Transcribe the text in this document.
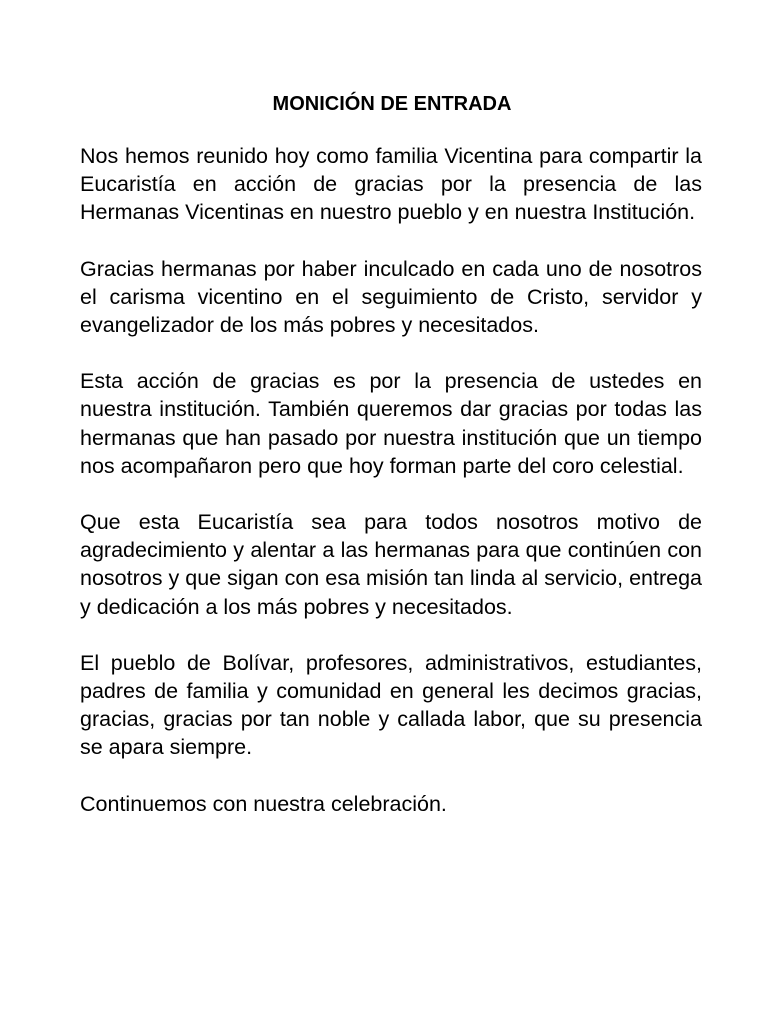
MONICIÓN DE ENTRADA

Nos hemos reunido hoy como familia Vicentina para compartir la Eucaristía en acción de gracias por la presencia de las Hermanas Vicentinas en nuestro pueblo y en nuestra Institución.

Gracias hermanas por haber inculcado en cada uno de nosotros el carisma vicentino en el seguimiento de Cristo, servidor y evangelizador de los más pobres y necesitados.

Esta acción de gracias es por la presencia de ustedes en nuestra institución. También queremos dar gracias por todas las hermanas que han pasado por nuestra institución que un tiempo nos acompañaron pero que hoy forman parte del coro celestial.

Que esta Eucaristía sea para todos nosotros motivo de agradecimiento y alentar a las hermanas para que continúen con nosotros y que sigan con esa misión tan linda al servicio, entrega y dedicación a los más pobres y necesitados.

El pueblo de Bolívar, profesores, administrativos, estudiantes, padres de familia y comunidad en general les decimos gracias, gracias, gracias por tan noble y callada labor, que su presencia se apara siempre.

Continuemos con nuestra celebración.
